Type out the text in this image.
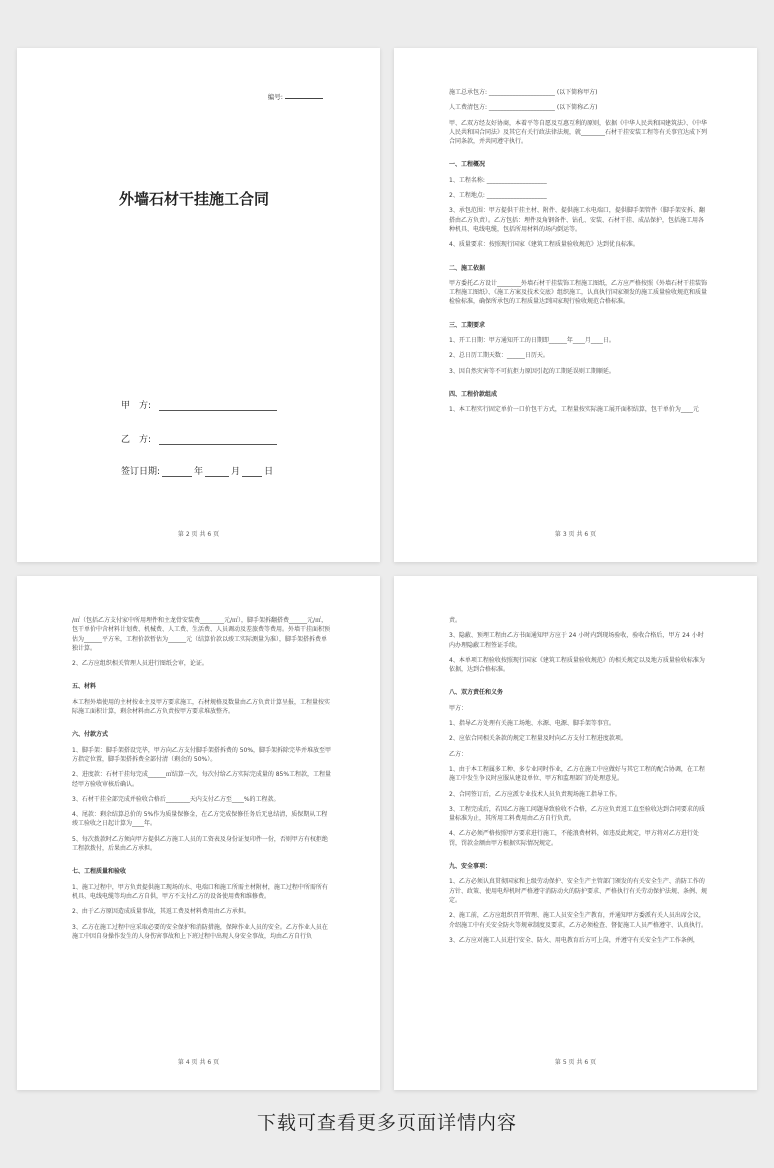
编号:
外墙石材干挂施工合同
甲　方:
乙　方:
签订日期:	年	月	日
第 2 页 共 6 页
施工总承包方: ______________________ (以下简称甲方)
人工费清包方: ______________________ (以下简称乙方)
甲、乙双方经友好协商，本着平等自愿及互惠互利的原则，依据《中华人民共和国建筑法》、《中华人民共和国合同法》及其它有关行政法律法规，就________石材干挂安装工程等有关事宜达成下列合同条款，并共同遵守执行。
一、工程概况
1、工程名称: ____________________
2、工程地点: ____________________
3、承包范围：甲方提供干挂主材、附件、提供施工水电端口，提供脚手架管件（脚手架安拆、翻搭由乙方负责）。乙方包括：埋件及角钢备件、钻孔、安装、石材干挂、成品保护，包括施工用各种机具、电线电缆，包括所用材料的场内倒运等。
4、质量要求：按照现行国家《建筑工程质量验收规范》达到优良标准。
二、施工依据
甲方委托乙方设计________外墙石材干挂装饰工程施工图纸，乙方应严格按照《外墙石材干挂装饰工程施工图纸》、《施工方案及技术交底》组织施工，认真执行国家颁发的施工质量验收规范和质量检验标准，确保所承包的工程质量达到国家现行验收规范合格标准。
三、工期要求
1、开工日期：甲方通知开工的日期即______年____月____日。
2、总日历工期天数：______日历天。
3、因自然灾害等不可抗拒力原因引起的工期延误则工期顺延。
四、工程价款组成
1、本工程实行固定单价一口价包干方式，工程量按实际施工展开面积结算，包干单价为____元
第 3 页 共 6 页
/㎡（包括乙方支付家中所用埋件和主龙骨安装费________元/㎡），脚手架拆翻搭费______元/㎡，包干单价中含材料计划费、机械费、人工费、生活费、人员调动及差旅费等费用。外墙干挂面积预估为______平方米，工程价款暂估为______元（结算价款以竣工实际测量为准），脚手架搭拆费单独计算。
2、乙方应组织相关管理人员进行图纸会审，论证。
五、材料
本工程外墙使用的主材按业主及甲方要求施工，石材规格及数量由乙方负责计算呈报，工程量按实际施工面积计算，剩余材料由乙方负责按甲方要求堆放整齐。
六、付款方式
1、脚手架：脚手架搭设完毕，甲方向乙方支付脚手架搭拆费的 50%，脚手架拆除完毕并堆放至甲方指定位置，脚手架搭拆费全部付清（剩余的 50%）。
2、进度款：石材干挂每完成______㎡结算一次，每次付给乙方实际完成量的 85%工程款，工程量经甲方验收审核后确认。
3、石材干挂全部完成并验收合格后________天内支付乙方至____%的工程款。
4、尾款：剩余结算总价的 5%作为质量保修金，在乙方完成保修任务后无息结清，质保期从工程竣工验收之日起计算为____年。
5、每次拨款时乙方须向甲方提供乙方施工人员的工资表及身份证复印件一份，否则甲方有权拒绝工程款拨付，后果由乙方承担。
七、工程质量和验收
1、施工过程中，甲方负责提供施工现场的水、电端口和施工所需主材附材，施工过程中所需所有机具、电线电缆等均由乙方自供，甲方不支付乙方的设备使用费和维修费。
2、由于乙方原因造成质量事故，其返工费及材料费用由乙方承担。
3、乙方在施工过程中应采取必要的安全保护和消防措施，保障作业人员的安全。乙方作业人员在施工中因自身操作发生的人身伤害事故和上下班过程中出现人身安全事故，均由乙方自行负
第 4 页 共 6 页
责。
3、隐蔽、预埋工程由乙方书面通知甲方应于 24 小时内到现场验收，验收合格后，甲方 24 小时内办理隐蔽工程签证手续。
4、本单项工程验收按照现行国家《建筑工程质量验收规范》的相关规定以及地方质量验收标准为依据，达到合格标准。
八、双方责任和义务
甲方：
1、指导乙方处理有关施工场地、水源、电源、脚手架等事宜。
2、应依合同相关条款的规定工程量及时向乙方支付工程进度款项。
乙方：
1、由于本工程属多工种、多专业同时作业，乙方在施工中应做好与其它工程的配合协调，在工程施工中发生争议时应服从建设单位、甲方和监理部门的处理意见。
2、合同签订后，乙方应派专业技术人员负责现场施工指导工作。
3、工程完成后，若因乙方施工问题导致验收不合格，乙方应负责返工直至验收达到合同要求的质量标准为止，其所用工料费用由乙方自行负责。
4、乙方必须严格按照甲方要求进行施工，不能浪费材料，如违反此规定，甲方将对乙方进行处罚，罚款金额由甲方根据实际情况规定。
九、安全事项：
1、乙方必须认真贯彻国家和上级劳动保护、安全生产主管部门颁发的有关安全生产、消防工作的方针、政策、使用电焊机时严格遵守消防动火的防护要求、严格执行有关劳动保护法规、条例、规定。
2、施工前，乙方应组织召开管理、施工人员安全生产教育，并通知甲方委派有关人员出席会议，介绍施工中有关安全防火等规章制度及要求，乙方必须检查、督促施工人员严格遵守、认真执行。
3、乙方应对施工人员进行安全、防火、用电教育后方可上岗，并遵守有关安全生产工作条例，
第 5 页 共 6 页
下载可查看更多页面详情内容
